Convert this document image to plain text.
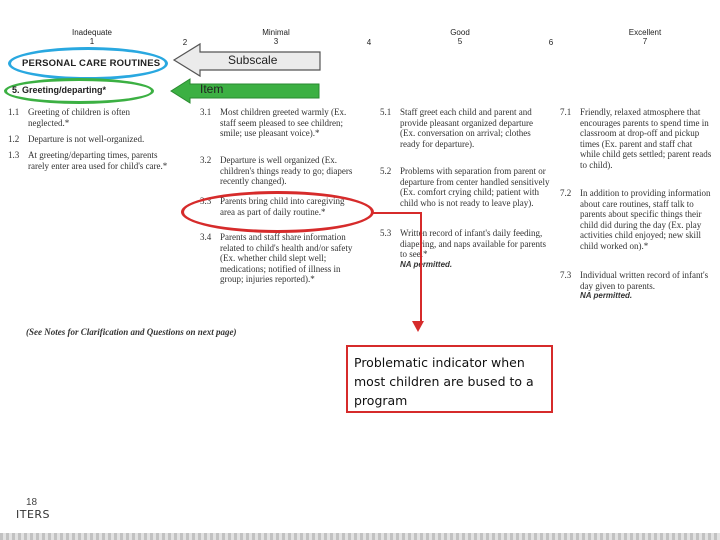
Inadequate
1	2
Minimal
3	4
Good
5	6
Excellent
7
PERSONAL CARE ROUTINES
5. Greeting/departing*
Subscale
Item
1.1 Greeting of children is often neglected.*
1.2 Departure is not well-organized.
1.3 At greeting/departing times, parents rarely enter area used for child's care.*
3.1 Most children greeted warmly (Ex. staff seem pleased to see children; smile; use pleasant voice).*
3.2 Departure is well organized (Ex. children's things ready to go; diapers recently changed).
3.3 Parents bring child into caregiving area as part of daily routine.*
3.4 Parents and staff share information related to child's health and/or safety (Ex. whether child slept well; medications; notified of illness in group; injuries reported).*
5.1 Staff greet each child and parent and provide pleasant organized departure (Ex. conversation on arrival; clothes ready for departure).
5.2 Problems with separation from parent or departure from center handled sensitively (Ex. comfort crying child; patient with child who is not ready to leave play).
5.3 Written record of infant's daily feeding, diapering, and naps available for parents to see.*
NA permitted.
7.1 Friendly, relaxed atmosphere that encourages parents to spend time in classroom at drop-off and pickup times (Ex. parent and staff chat while child gets settled; parent reads to child).
7.2 In addition to providing information about care routines, staff talk to parents about specific things their child did during the day (Ex. play activities child enjoyed; new skill child worked on).*
7.3 Individual written record of infant's day given to parents.
NA permitted.
(See Notes for Clarification and Questions on next page)
Problematic indicator when most children are bused to a program
18
ITERS
